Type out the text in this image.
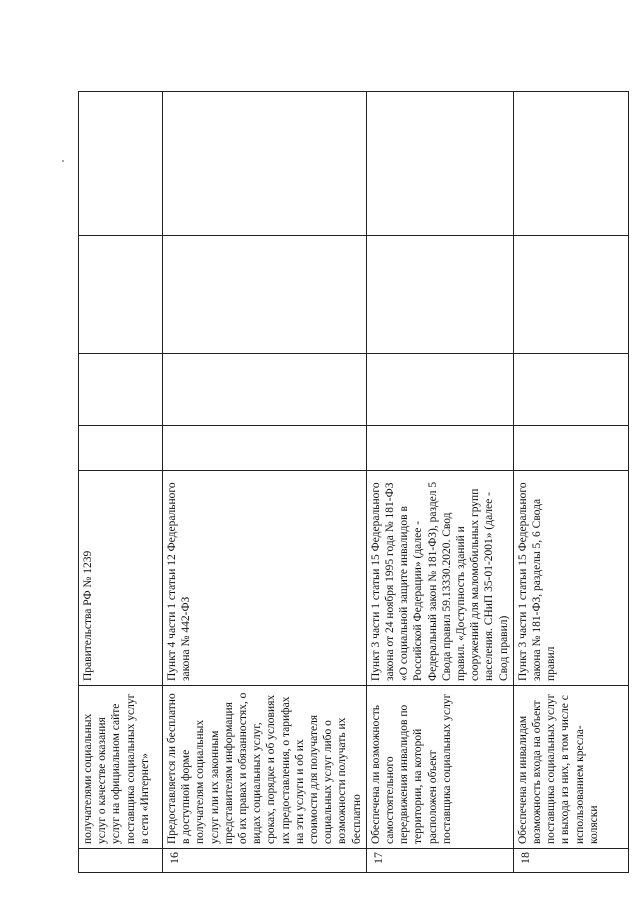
	получателями социальных услуг о качестве оказания услуг на официальном сайте поставщика социальных услуг в сети «Интернет»	Правительства РФ № 1239				
16	Предоставляется ли бесплатно в доступной форме получателям социальных услуг или их законным представителям информация об их правах и обязанностях, о видах социальных услуг, сроках, порядке и об условиях их предоставления, о тарифах на эти услуги и об их стоимости для получателя социальных услуг либо о возможности получать их бесплатно	Пункт 4 части 1 статьи 12 Федерального закона № 442-ФЗ				
17	Обеспечена ли возможность самостоятельного передвижения инвалидов по территории, на которой расположен объект поставщика социальных услуг	Пункт 3 части 1 статьи 15 Федерального закона от 24 ноября 1995 года № 181-ФЗ «О социальной защите инвалидов в Российской Федерации» (далее - Федеральный закон № 181-ФЗ), раздел 5 Свода правил 59.13330.2020. Свод правил. «Доступность зданий и сооружений для маломобильных групп населения. СНиП 35-01-2001» (далее - Свод правил)				
18	Обеспечена ли инвалидам возможность входа на объект поставщика социальных услуг и выхода из них, в том числе с использованием кресла-коляски	Пункт 3 части 1 статьи 15 Федерального закона № 181-ФЗ, разделы 5, 6 Свода правил				
